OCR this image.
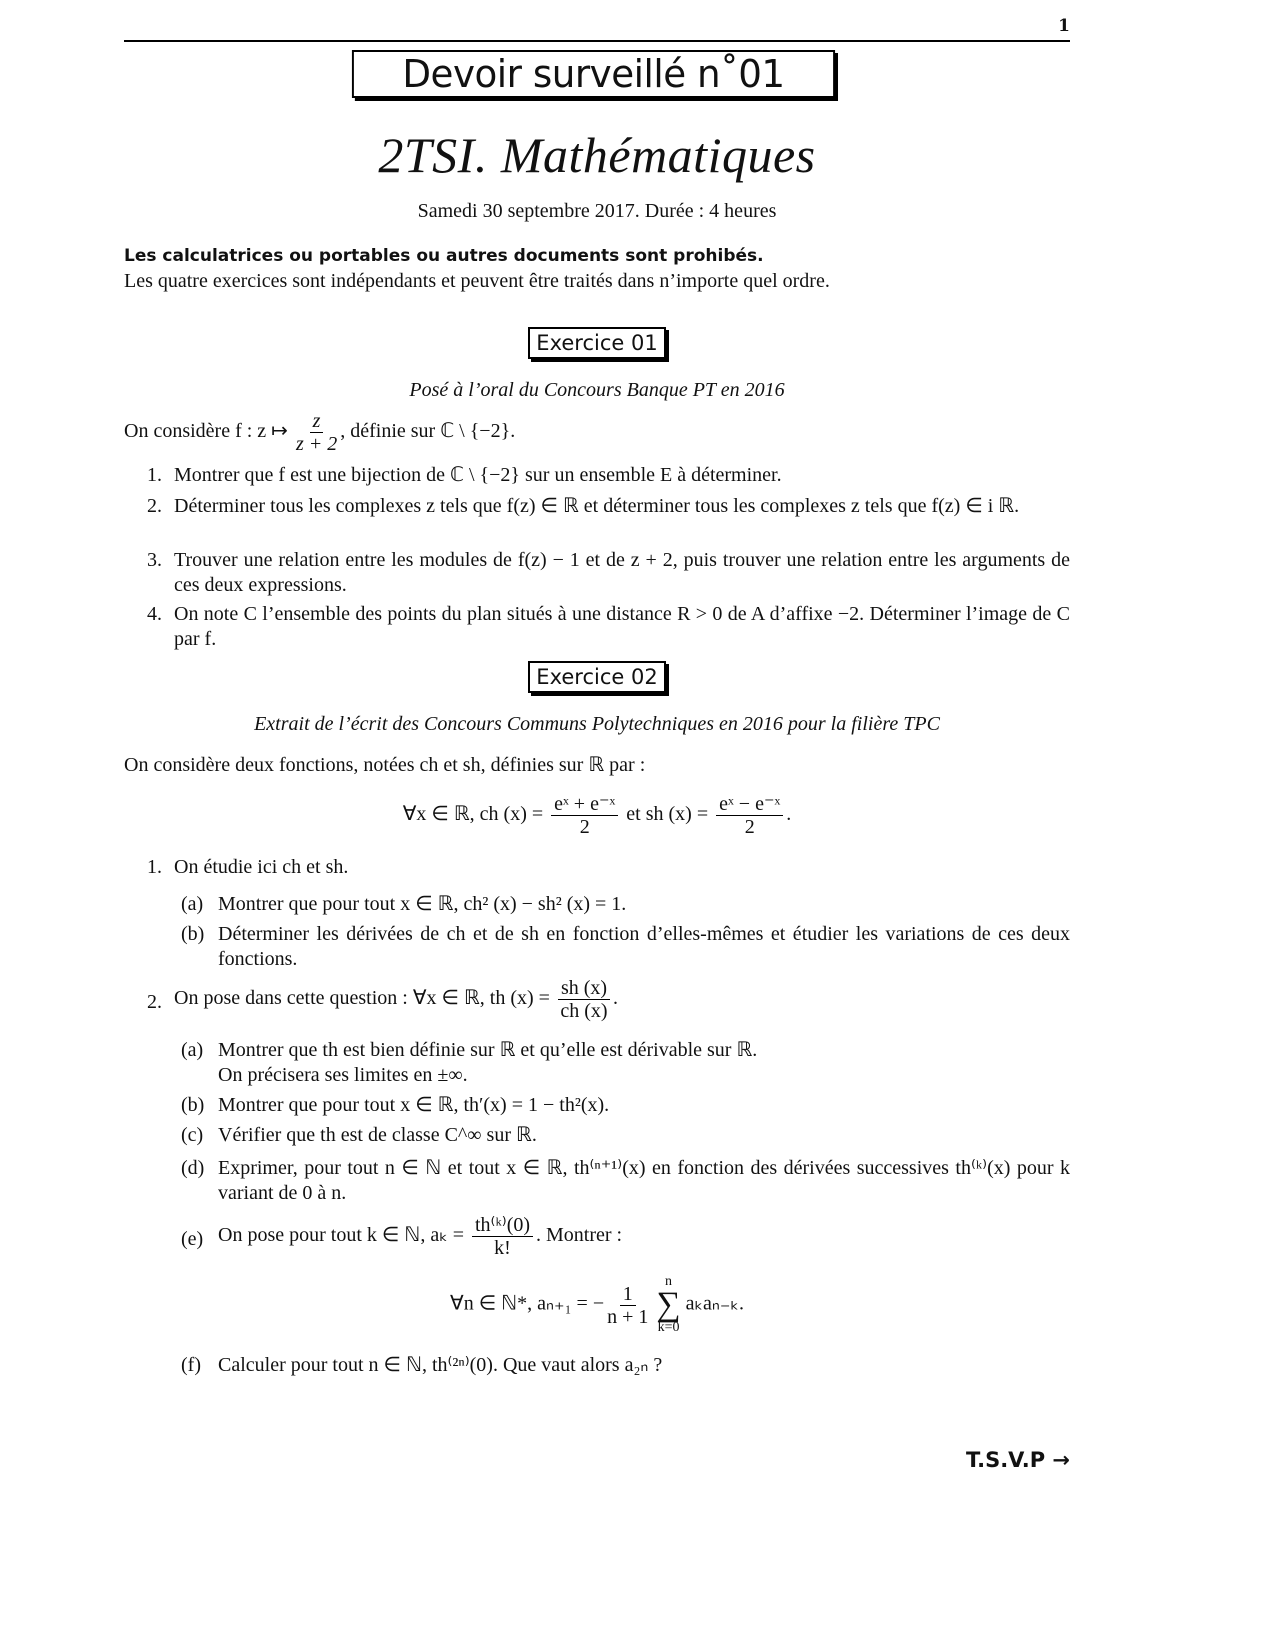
1
Devoir surveillé n˚01
2TSI. Mathématiques
Samedi 30 septembre 2017. Durée : 4 heures
Les calculatrices ou portables ou autres documents sont prohibés.
Les quatre exercices sont indépendants et peuvent être traités dans n’importe quel ordre.
Exercice 01
Posé à l’oral du Concours Banque PT en 2016
On considère f : z ↦ $\frac{z}{z + 2}$ , définie sur ℂ \ {−2}.
1. Montrer que f est une bijection de ℂ \ {−2} sur un ensemble E à déterminer.
2. Déterminer tous les complexes z tels que f(z) ∈ ℝ et déterminer tous les complexes z tels que f(z) ∈ i ℝ.
3. Trouver une relation entre les modules de f(z) − 1 et de z + 2, puis trouver une relation entre les arguments de ces deux expressions.
4. On note C l’ensemble des points du plan situés à une distance R > 0 de A d’affixe −2. Déterminer l’image de C par f.
Exercice 02
Extrait de l’écrit des Concours Communs Polytechniques en 2016 pour la filière TPC
On considère deux fonctions, notées ch et sh, définies sur ℝ par :
∀x ∈ ℝ, ch $(x) = \frac{\text{eˣ + e⁻ˣ}}{2}$ et sh $(x) = \frac{\text{eˣ − e⁻ˣ}}{2}$ .
1. On étudie ici ch et sh.
(a) Montrer que pour tout x ∈ ℝ, ch² (x) − sh² (x) = 1.
(b) Déterminer les dérivées de ch et de sh en fonction d’elles-mêmes et étudier les variations de ces deux fonctions.
2. On pose dans cette question : ∀x ∈ ℝ, th $(x) = \frac{sh (x)}{ch (x)}$ .
(a) Montrer que th est bien définie sur ℝ et qu’elle est dérivable sur ℝ.
On précisera ses limites en ±∞.
(b) Montrer que pour tout x ∈ ℝ, th′(x) = 1 − th²(x).
(c) Vérifier que th est de classe C^∞ sur ℝ.
(d) Exprimer, pour tout n ∈ ℕ et tout x ∈ ℝ, th⁽ⁿ⁺¹⁾(x) en fonction des dérivées successives th⁽ᵏ⁾(x) pour k variant de 0 à n.
(e) On pose pour tout k ∈ ℕ, $a_k = \frac{\text{th⁽ᵏ⁾(0)}}{k!}$ . Montrer :
∀n ∈ ℕ*, aₙ₊₁ = − $\frac{1}{n + 1}$

n
∑
k=0
aₖaₙ₋ₖ.
(f) Calculer pour tout n ∈ ℕ, th⁽²ⁿ⁾(0). Que vaut alors a₂ₙ ?
T.S.V.P →
